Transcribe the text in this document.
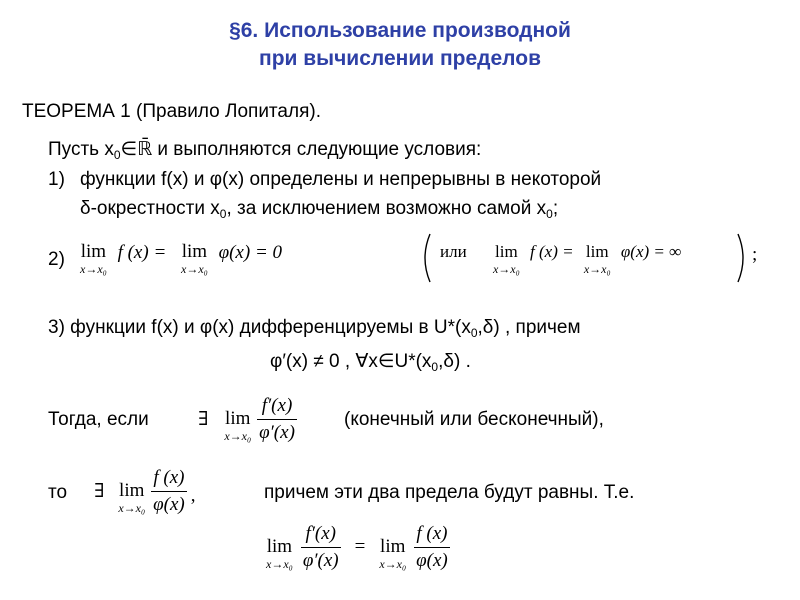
§6. Использование производной
при вычислении пределов
ТЕОРЕМА 1 (Правило Лопиталя).
Пусть $x_0\in ℝ̄$ и выполняются следующие условия:
1) функции f(x) и φ(x) определены и непрерывны в некоторой
δ-окрестности $x_0$, за исключением возможно самой $x_0$;
2) lim
x→x₀
f (x) = lim
x→x₀
φ(x) = 0	или lim
x→x₀
f (x) = lim
x→x₀
φ(x) = ∞	;
3) функции f(x) и φ(x) дифференцируемы в $U*(x_0,\delta)$ , причем
φ′(x) ≠ 0 , $\forall x\in U*(x_0,\delta)$ .
Тогда, если	∃ lim
$x\to x_0 \frac{f'(x)}{\varphi'(x)}$ (конечный или бесконечный),
то ∃ lim
$x\to x_0 \frac{f (x)}{\varphi(x)}$ ,	причем эти два предела будут равны. Т.е.
lim
$x\to x_0 \frac{f'(x)}{\varphi'(x)} = \lim$
$x\to x_0 \frac{f (x)}{\varphi(x)}$
